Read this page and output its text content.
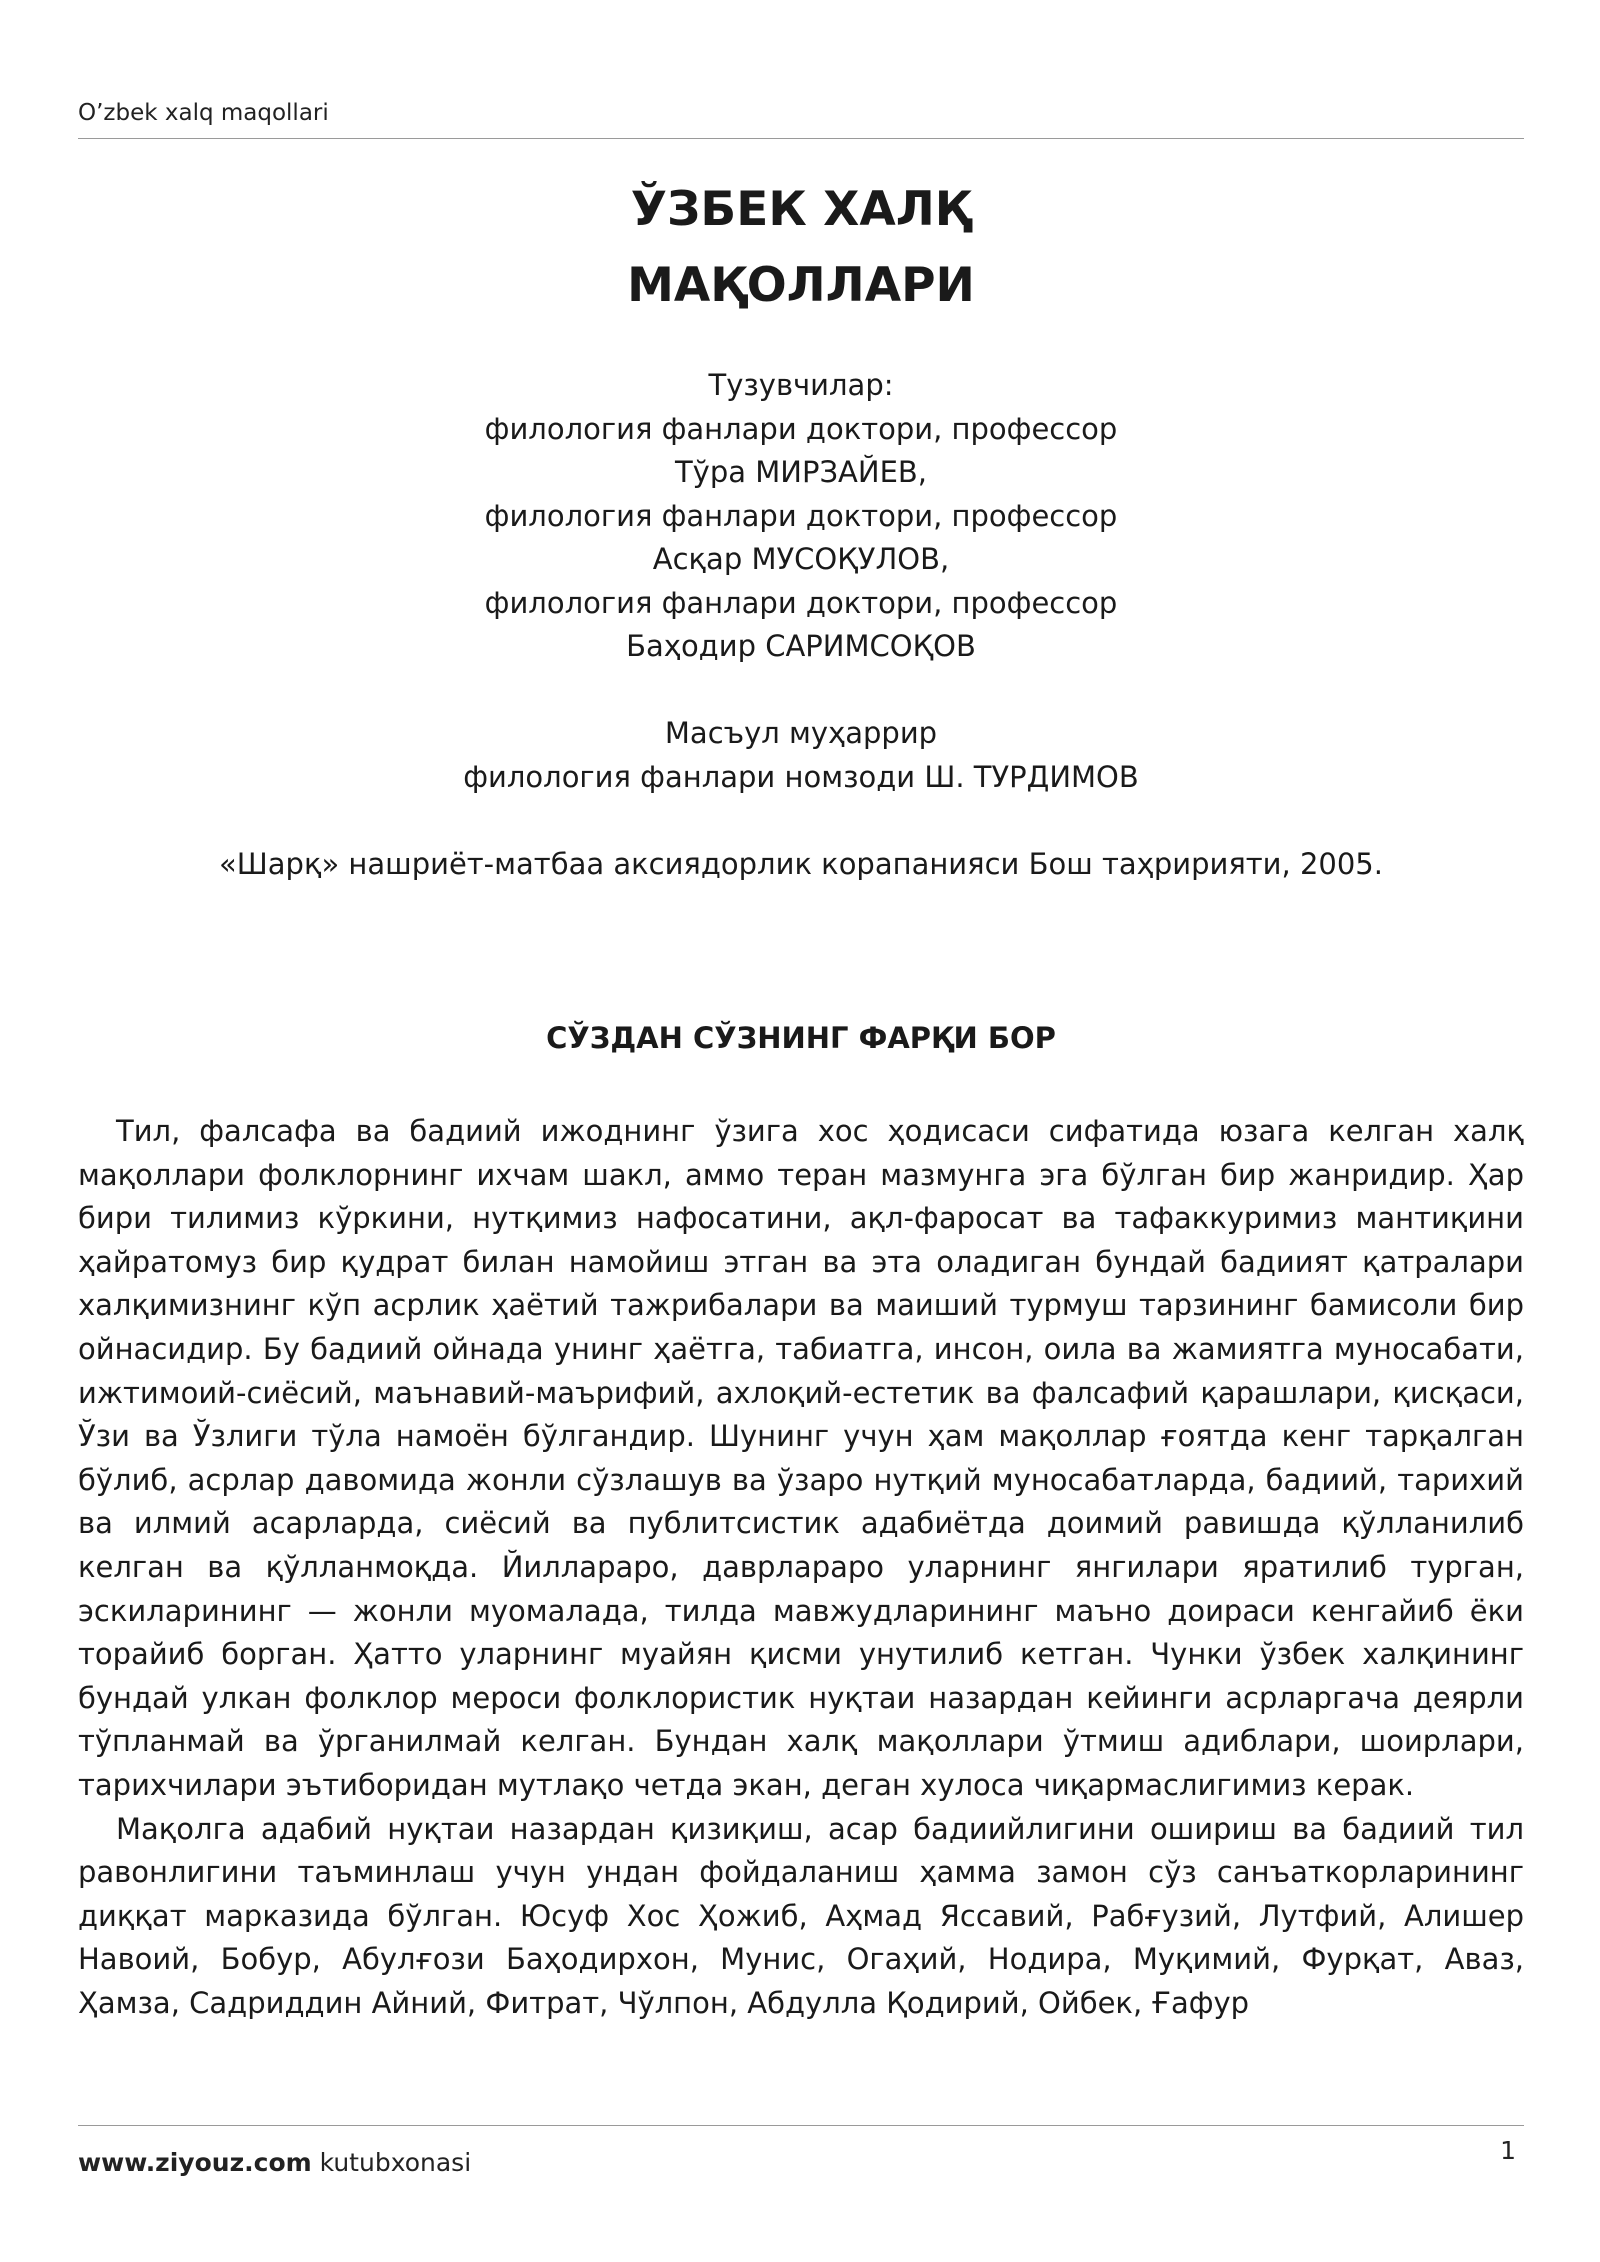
O’zbek xalq maqollari
ЎЗБЕК ХАЛҚ
МАҚОЛЛАРИ
Тузувчилар:
филология фанлари доктори, профессор
Тўра МИРЗАЙЕВ,
филология фанлари доктори, профессор
Асқар МУСОҚУЛОВ,
филология фанлари доктори, профессор
Баҳодир САРИМСОҚОВ
Масъул муҳаррир
филология фанлари номзоди Ш. ТУРДИМОВ
«Шарқ» нашриёт-матбаа аксиядорлик корапанияси Бош таҳририяти, 2005.
СЎЗДАН СЎЗНИНГ ФАРҚИ БОР

Тил, фалсафа ва бадиий ижоднинг ўзига хос ҳодисаси сифатида юзага келган халқ мақоллари фолклорнинг ихчам шакл, аммо теран мазмунга эга бўлган бир жанридир. Ҳар бири тилимиз кўркини, нутқимиз нафосатини, ақл-фаросат ва тафаккуримиз мантиқини ҳайратомуз бир қудрат билан намойиш этган ва эта оладиган бундай бадиият қатралари халқимизнинг кўп асрлик ҳаётий тажрибалари ва маиший турмуш тарзининг бамисоли бир ойнасидир. Бу бадиий ойнада унинг ҳаётга, табиатга, инсон, оила ва жамиятга муносабати, ижтимоий-сиёсий, маънавий-маърифий, ахлоқий-естетик ва фалсафий қарашлари, қисқаси, Ўзи ва Ўзлиги тўла намоён бўлгандир. Шунинг учун ҳам мақоллар ғоятда кенг тарқалган бўлиб, асрлар давомида жонли сўзлашув ва ўзаро нутқий муносабатларда, бадиий, тарихий ва илмий асарларда, сиёсий ва публитсистик адабиётда доимий равишда қўлланилиб келган ва қўлланмоқда. Йиллараро, даврлараро уларнинг янгилари яратилиб турган, эскиларининг — жонли муомалада, тилда мавжудларининг маъно доираси кенгайиб ёки торайиб борган. Ҳатто уларнинг муайян қисми унутилиб кетган. Чунки ўзбек халқининг бундай улкан фолклор мероси фолклористик нуқтаи назардан кейинги асрларгача деярли тўпланмай ва ўрганилмай келган. Бундан халқ мақоллари ўтмиш адиблари, шоирлари, тарихчилари эътиборидан мутлақо четда экан, деган хулоса чиқармаслигимиз керак.

Мақолга адабий нуқтаи назардан қизиқиш, асар бадиийлигини ошириш ва бадиий тил равонлигини таъминлаш учун ундан фойдаланиш ҳамма замон сўз санъаткорларининг диққат марказида бўлган. Юсуф Хос Ҳожиб, Аҳмад Яссавий, Рабғузий, Лутфий, Алишер Навоий, Бобур, Абулғози Баҳодирхон, Мунис, Огаҳий, Нодира, Муқимий, Фурқат, Аваз, Ҳамза, Садриддин Айний, Фитрат, Чўлпон, Абдулла Қодирий, Ойбек, Ғафур

www.ziyouz.com kutubxonasi	1
